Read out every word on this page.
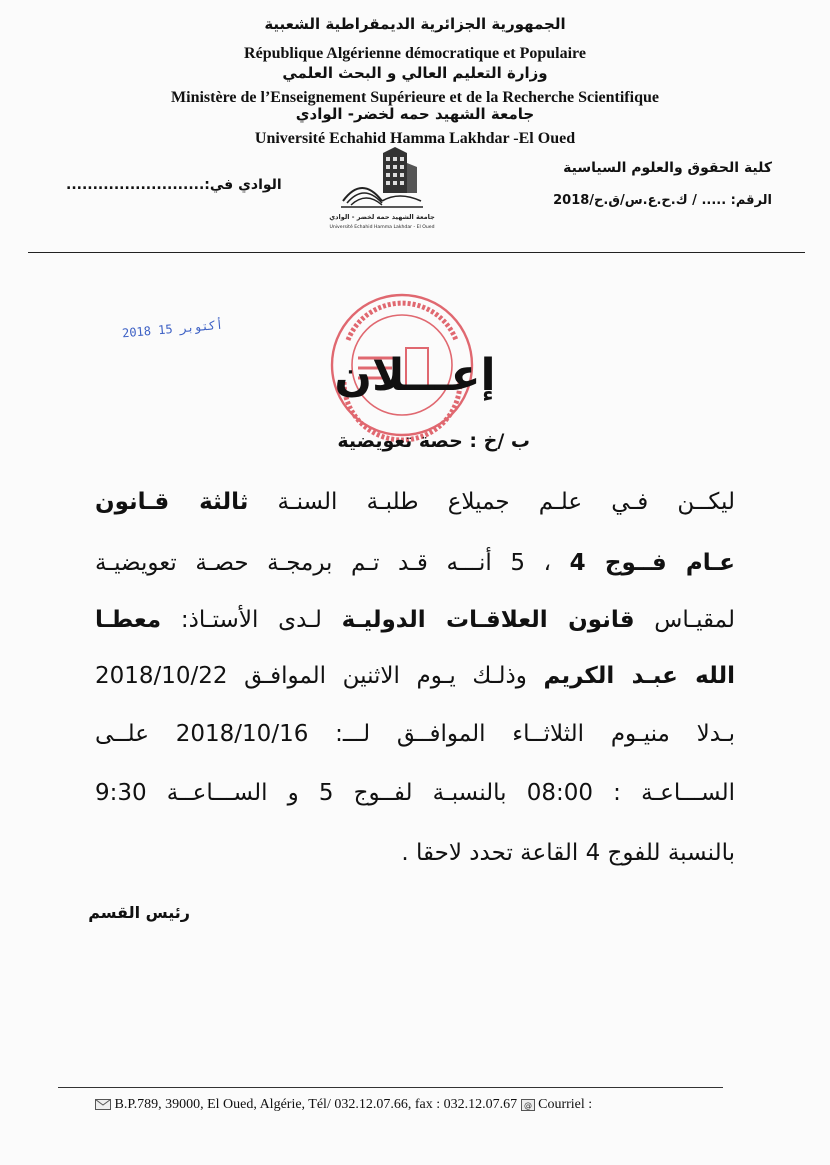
الجمهورية الجزائرية الديمقراطية الشعبية
République Algérienne démocratique et Populaire
وزارة التعليم العالي و البحث العلمي
Ministère de l’Enseignement Supérieure et de la Recherche Scientifique
جامعة الشهيد حمه لخضر- الوادي
Université Echahid Hamma Lakhdar -El Oued
كلية الحقوق والعلوم السياسية
الرقم: ..... / ك.ح.ع.س/ق.ح/2018
الوادي في:..........................
جامعة الشهيد حمه لخضر - الوادي
Université Echahid Hamma Lakhdar - El Oued
2018 أكتوبر 15
إعـــلان
ب /خ : حصة تعويضية
ليكــن فـي علـم جميلاع طلبـة السنـة ثالثة قـانون
عـام فــوج 4 ، 5 أنـــه قـد تـم برمجـة حصـة تعويضيـة
لمقيـاس قانون العلاقـات الدوليـة لـدى الأستـاذ: معطـا
الله عبـد الكريم وذلـك يـوم الاثنين الموافـق 2018/10/22
بـدلا منيـوم الثلاثــاء الموافــق لـــ: 2018/10/16 علــى
الســـاعـة : 08:00 بالنسبـة لفــوج 5 و الســـاعــة 9:30
بالنسبة للفوج 4 القاعة تحدد لاحقا .
رئيس القسم
B.P.789, 39000, El Oued, Algérie, Tél/ 032.12.07.66, fax : 032.12.07.67 @ Courriel :
